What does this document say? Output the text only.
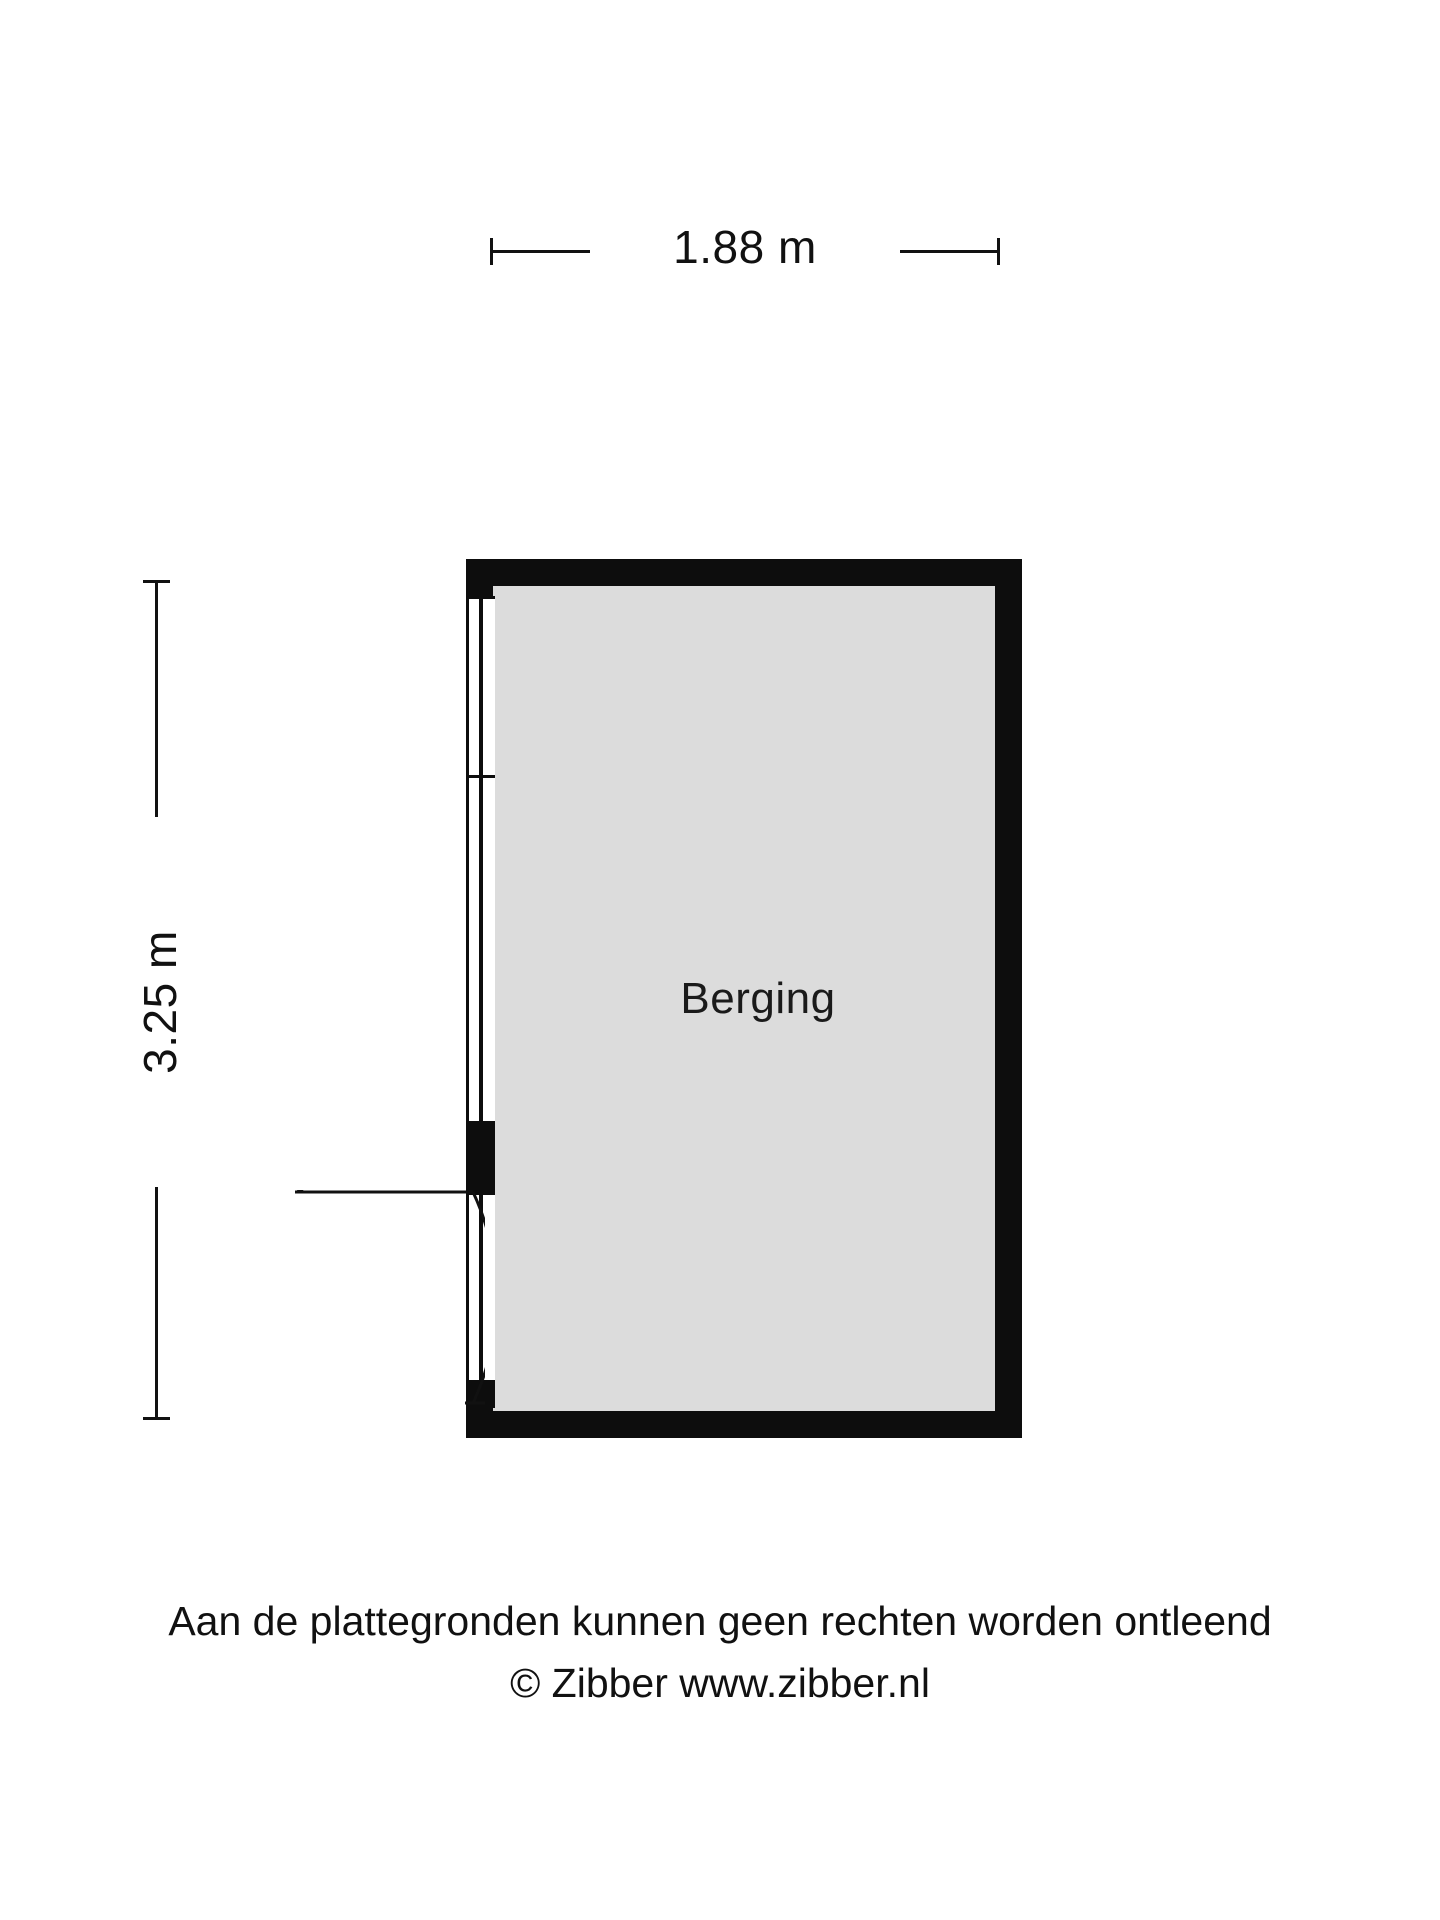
1.88 m
3.25 m	Berging
Aan de plattegronden kunnen geen rechten worden ontleend
© Zibber www.zibber.nl
